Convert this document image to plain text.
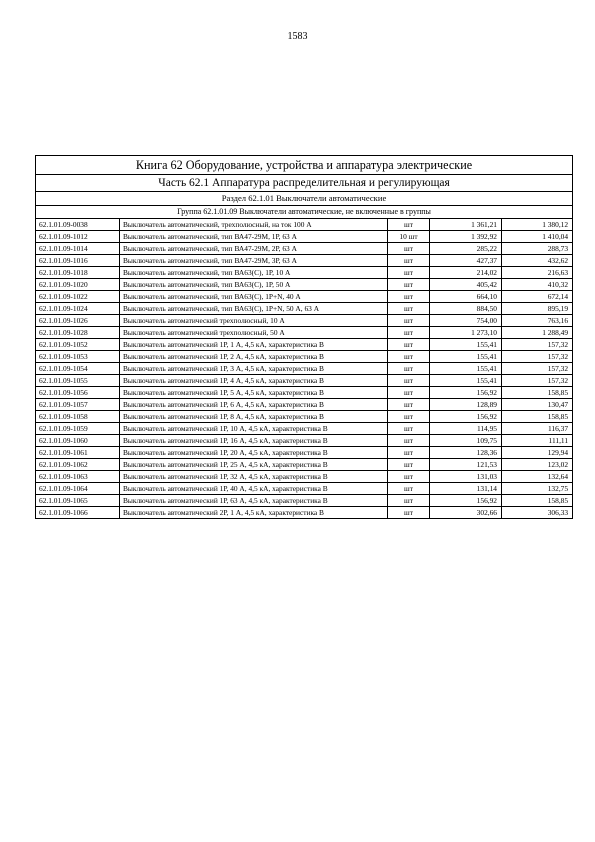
1583
Книга 62 Оборудование, устройства и аппаратура электрические				
Часть 62.1 Аппаратура распределительная и регулирующая				
Раздел 62.1.01 Выключатели автоматические				
Группа 62.1.01.09 Выключатели автоматические, не включенные в группы				
62.1.01.09-0038	Выключатель автоматический, трехполюсный, на ток 100 А	шт	1 361,21	1 380,12
62.1.01.09-1012	Выключатель автоматический, тип ВА47-29М, 1Р, 63 А	10 шт	1 392,92	1 410,04
62.1.01.09-1014	Выключатель автоматический, тип ВА47-29М, 2Р, 63 А	шт	285,22	288,73
62.1.01.09-1016	Выключатель автоматический, тип ВА47-29М, 3Р, 63 А	шт	427,37	432,62
62.1.01.09-1018	Выключатель автоматический, тип ВА63(С), 1Р, 10 А	шт	214,02	216,63
62.1.01.09-1020	Выключатель автоматический, тип ВА63(С), 1Р, 50 А	шт	405,42	410,32
62.1.01.09-1022	Выключатель автоматический, тип ВА63(С), 1Р+N, 40 А	шт	664,10	672,14
62.1.01.09-1024	Выключатель автоматический, тип ВА63(С), 1Р+N, 50 А, 63 А	шт	884,50	895,19
62.1.01.09-1026	Выключатель автоматический трехполюсный, 10 А	шт	754,00	763,16
62.1.01.09-1028	Выключатель автоматический трехполюсный, 50 А	шт	1 273,10	1 288,49
62.1.01.09-1052	Выключатель автоматический 1Р, 1 А, 4,5 кА, характеристика В	шт	155,41	157,32
62.1.01.09-1053	Выключатель автоматический 1Р, 2 А, 4,5 кА, характеристика В	шт	155,41	157,32
62.1.01.09-1054	Выключатель автоматический 1Р, 3 А, 4,5 кА, характеристика В	шт	155,41	157,32
62.1.01.09-1055	Выключатель автоматический 1Р, 4 А, 4,5 кА, характеристика В	шт	155,41	157,32
62.1.01.09-1056	Выключатель автоматический 1Р, 5 А, 4,5 кА, характеристика В	шт	156,92	158,85
62.1.01.09-1057	Выключатель автоматический 1Р, 6 А, 4,5 кА, характеристика В	шт	128,89	130,47
62.1.01.09-1058	Выключатель автоматический 1Р, 8 А, 4,5 кА, характеристика В	шт	156,92	158,85
62.1.01.09-1059	Выключатель автоматический 1Р, 10 А, 4,5 кА, характеристика В	шт	114,95	116,37
62.1.01.09-1060	Выключатель автоматический 1Р, 16 А, 4,5 кА, характеристика В	шт	109,75	111,11
62.1.01.09-1061	Выключатель автоматический 1Р, 20 А, 4,5 кА, характеристика В	шт	128,36	129,94
62.1.01.09-1062	Выключатель автоматический 1Р, 25 А, 4,5 кА, характеристика В	шт	121,53	123,02
62.1.01.09-1063	Выключатель автоматический 1Р, 32 А, 4,5 кА, характеристика В	шт	131,03	132,64
62.1.01.09-1064	Выключатель автоматический 1Р, 40 А, 4,5 кА, характеристика В	шт	131,14	132,75
62.1.01.09-1065	Выключатель автоматический 1Р, 63 А, 4,5 кА, характеристика В	шт	156,92	158,85
62.1.01.09-1066	Выключатель автоматический 2Р, 1 А, 4,5 кА, характеристика В	шт	302,66	306,33
